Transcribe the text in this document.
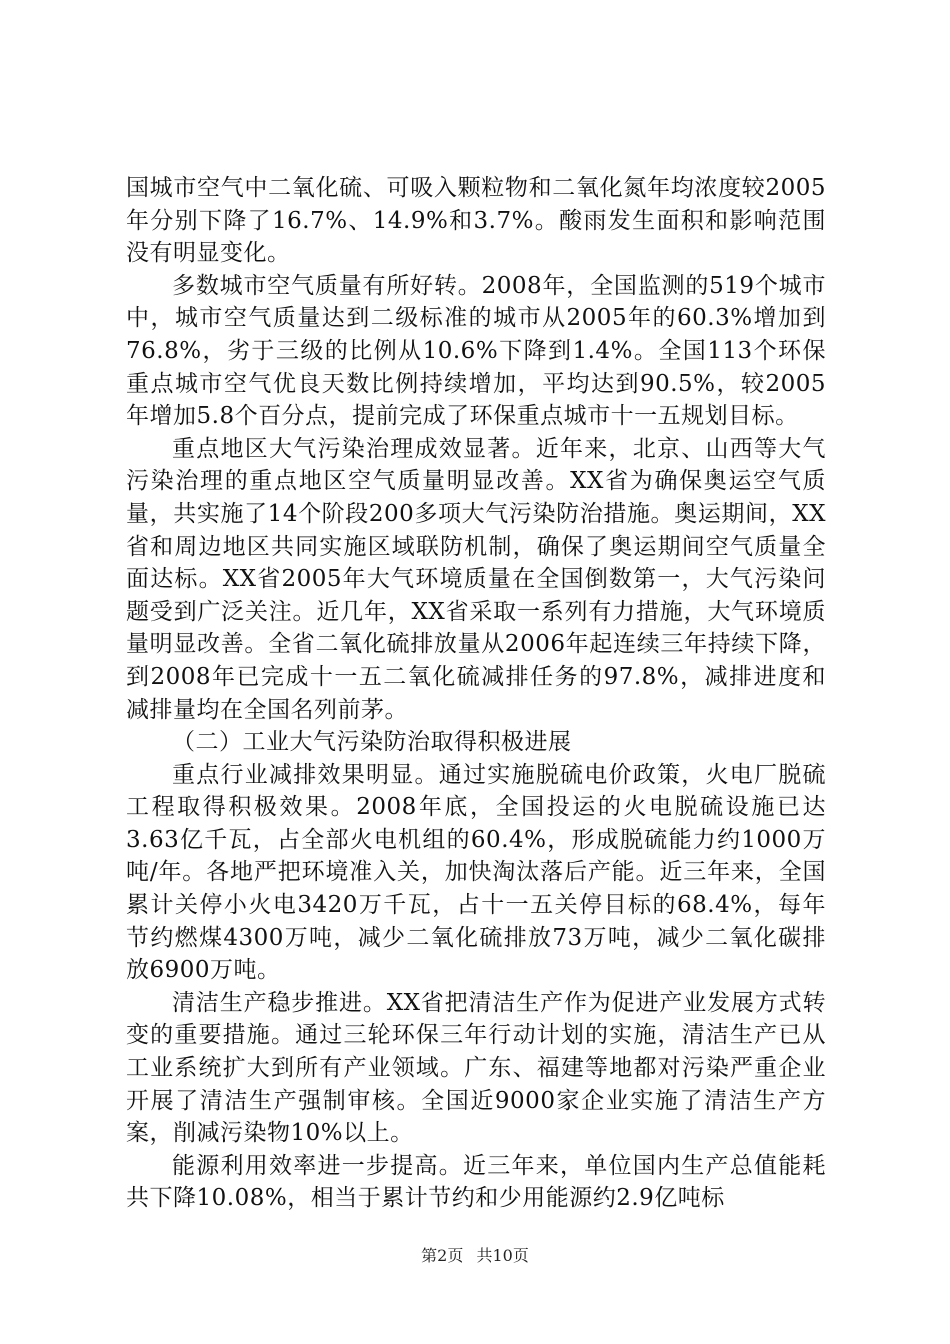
国城市空气中二氧化硫、可吸入颗粒物和二氧化氮年均浓度较2005年分别下降了16.7%、14.9%和3.7%。酸雨发生面积和影响范围没有明显变化。

多数城市空气质量有所好转。2008年，全国监测的519个城市中，城市空气质量达到二级标准的城市从2005年的60.3%增加到76.8%，劣于三级的比例从10.6%下降到1.4%。全国113个环保重点城市空气优良天数比例持续增加，平均达到90.5%，较2005年增加5.8个百分点，提前完成了环保重点城市十一五规划目标。

重点地区大气污染治理成效显著。近年来，北京、山西等大气污染治理的重点地区空气质量明显改善。XX省为确保奥运空气质量，共实施了14个阶段200多项大气污染防治措施。奥运期间，XX省和周边地区共同实施区域联防机制，确保了奥运期间空气质量全面达标。XX省2005年大气环境质量在全国倒数第一，大气污染问题受到广泛关注。近几年，XX省采取一系列有力措施，大气环境质量明显改善。全省二氧化硫排放量从2006年起连续三年持续下降，到2008年已完成十一五二氧化硫减排任务的97.8%，减排进度和减排量均在全国名列前茅。

（二）工业大气污染防治取得积极进展

重点行业减排效果明显。通过实施脱硫电价政策，火电厂脱硫工程取得积极效果。2008年底，全国投运的火电脱硫设施已达3.63亿千瓦，占全部火电机组的60.4%，形成脱硫能力约1000万吨/年。各地严把环境准入关，加快淘汰落后产能。近三年来，全国累计关停小火电3420万千瓦，占十一五关停目标的68.4%，每年节约燃煤4300万吨，减少二氧化硫排放73万吨，减少二氧化碳排放6900万吨。

清洁生产稳步推进。XX省把清洁生产作为促进产业发展方式转变的重要措施。通过三轮环保三年行动计划的实施，清洁生产已从工业系统扩大到所有产业领域。广东、福建等地都对污染严重企业开展了清洁生产强制审核。全国近9000家企业实施了清洁生产方案，削减污染物10%以上。

能源利用效率进一步提高。近三年来，单位国内生产总值能耗共下降10.08%，相当于累计节约和少用能源约2.9亿吨标

第2页 共10页
